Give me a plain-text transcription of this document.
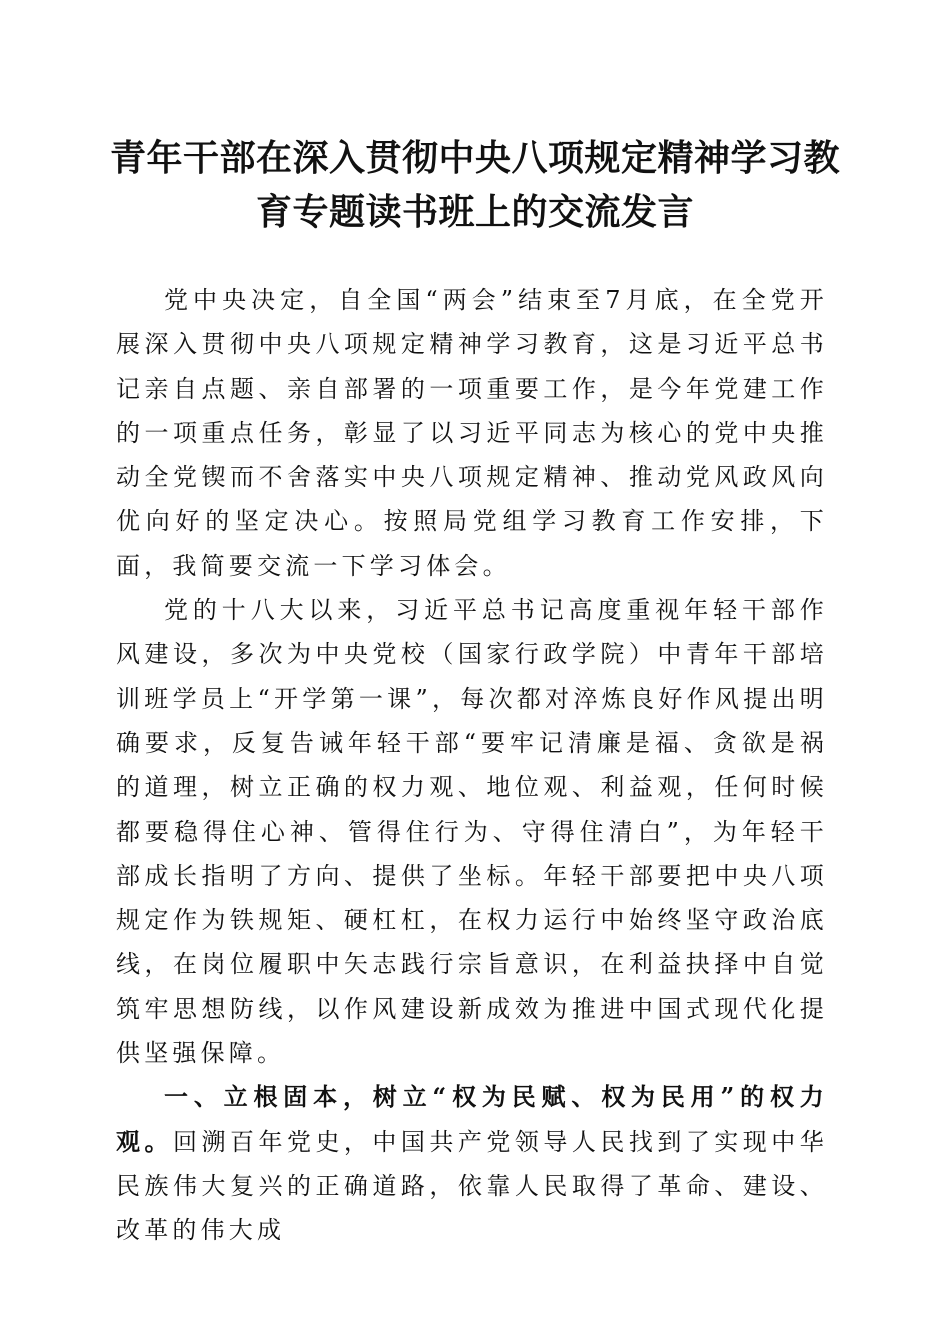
青年干部在深入贯彻中央八项规定精神学习教
育专题读书班上的交流发言

党中央决定，自全国“两会”结束至7月底，在全党开展深入贯彻中央八项规定精神学习教育，这是习近平总书记亲自点题、亲自部署的一项重要工作，是今年党建工作的一项重点任务，彰显了以习近平同志为核心的党中央推动全党锲而不舍落实中央八项规定精神、推动党风政风向优向好的坚定决心。按照局党组学习教育工作安排，下面，我简要交流一下学习体会。

党的十八大以来，习近平总书记高度重视年轻干部作风建设，多次为中央党校（国家行政学院）中青年干部培训班学员上“开学第一课”，每次都对淬炼良好作风提出明确要求，反复告诫年轻干部“要牢记清廉是福、贪欲是祸的道理，树立正确的权力观、地位观、利益观，任何时候都要稳得住心神、管得住行为、守得住清白”，为年轻干部成长指明了方向、提供了坐标。年轻干部要把中央八项规定作为铁规矩、硬杠杠，在权力运行中始终坚守政治底线，在岗位履职中矢志践行宗旨意识，在利益抉择中自觉筑牢思想防线，以作风建设新成效为推进中国式现代化提供坚强保障。

一、立根固本，树立“权为民赋、权为民用”的权力观。回溯百年党史，中国共产党领导人民找到了实现中华民族伟大复兴的正确道路，依靠人民取得了革命、建设、改革的伟大成
